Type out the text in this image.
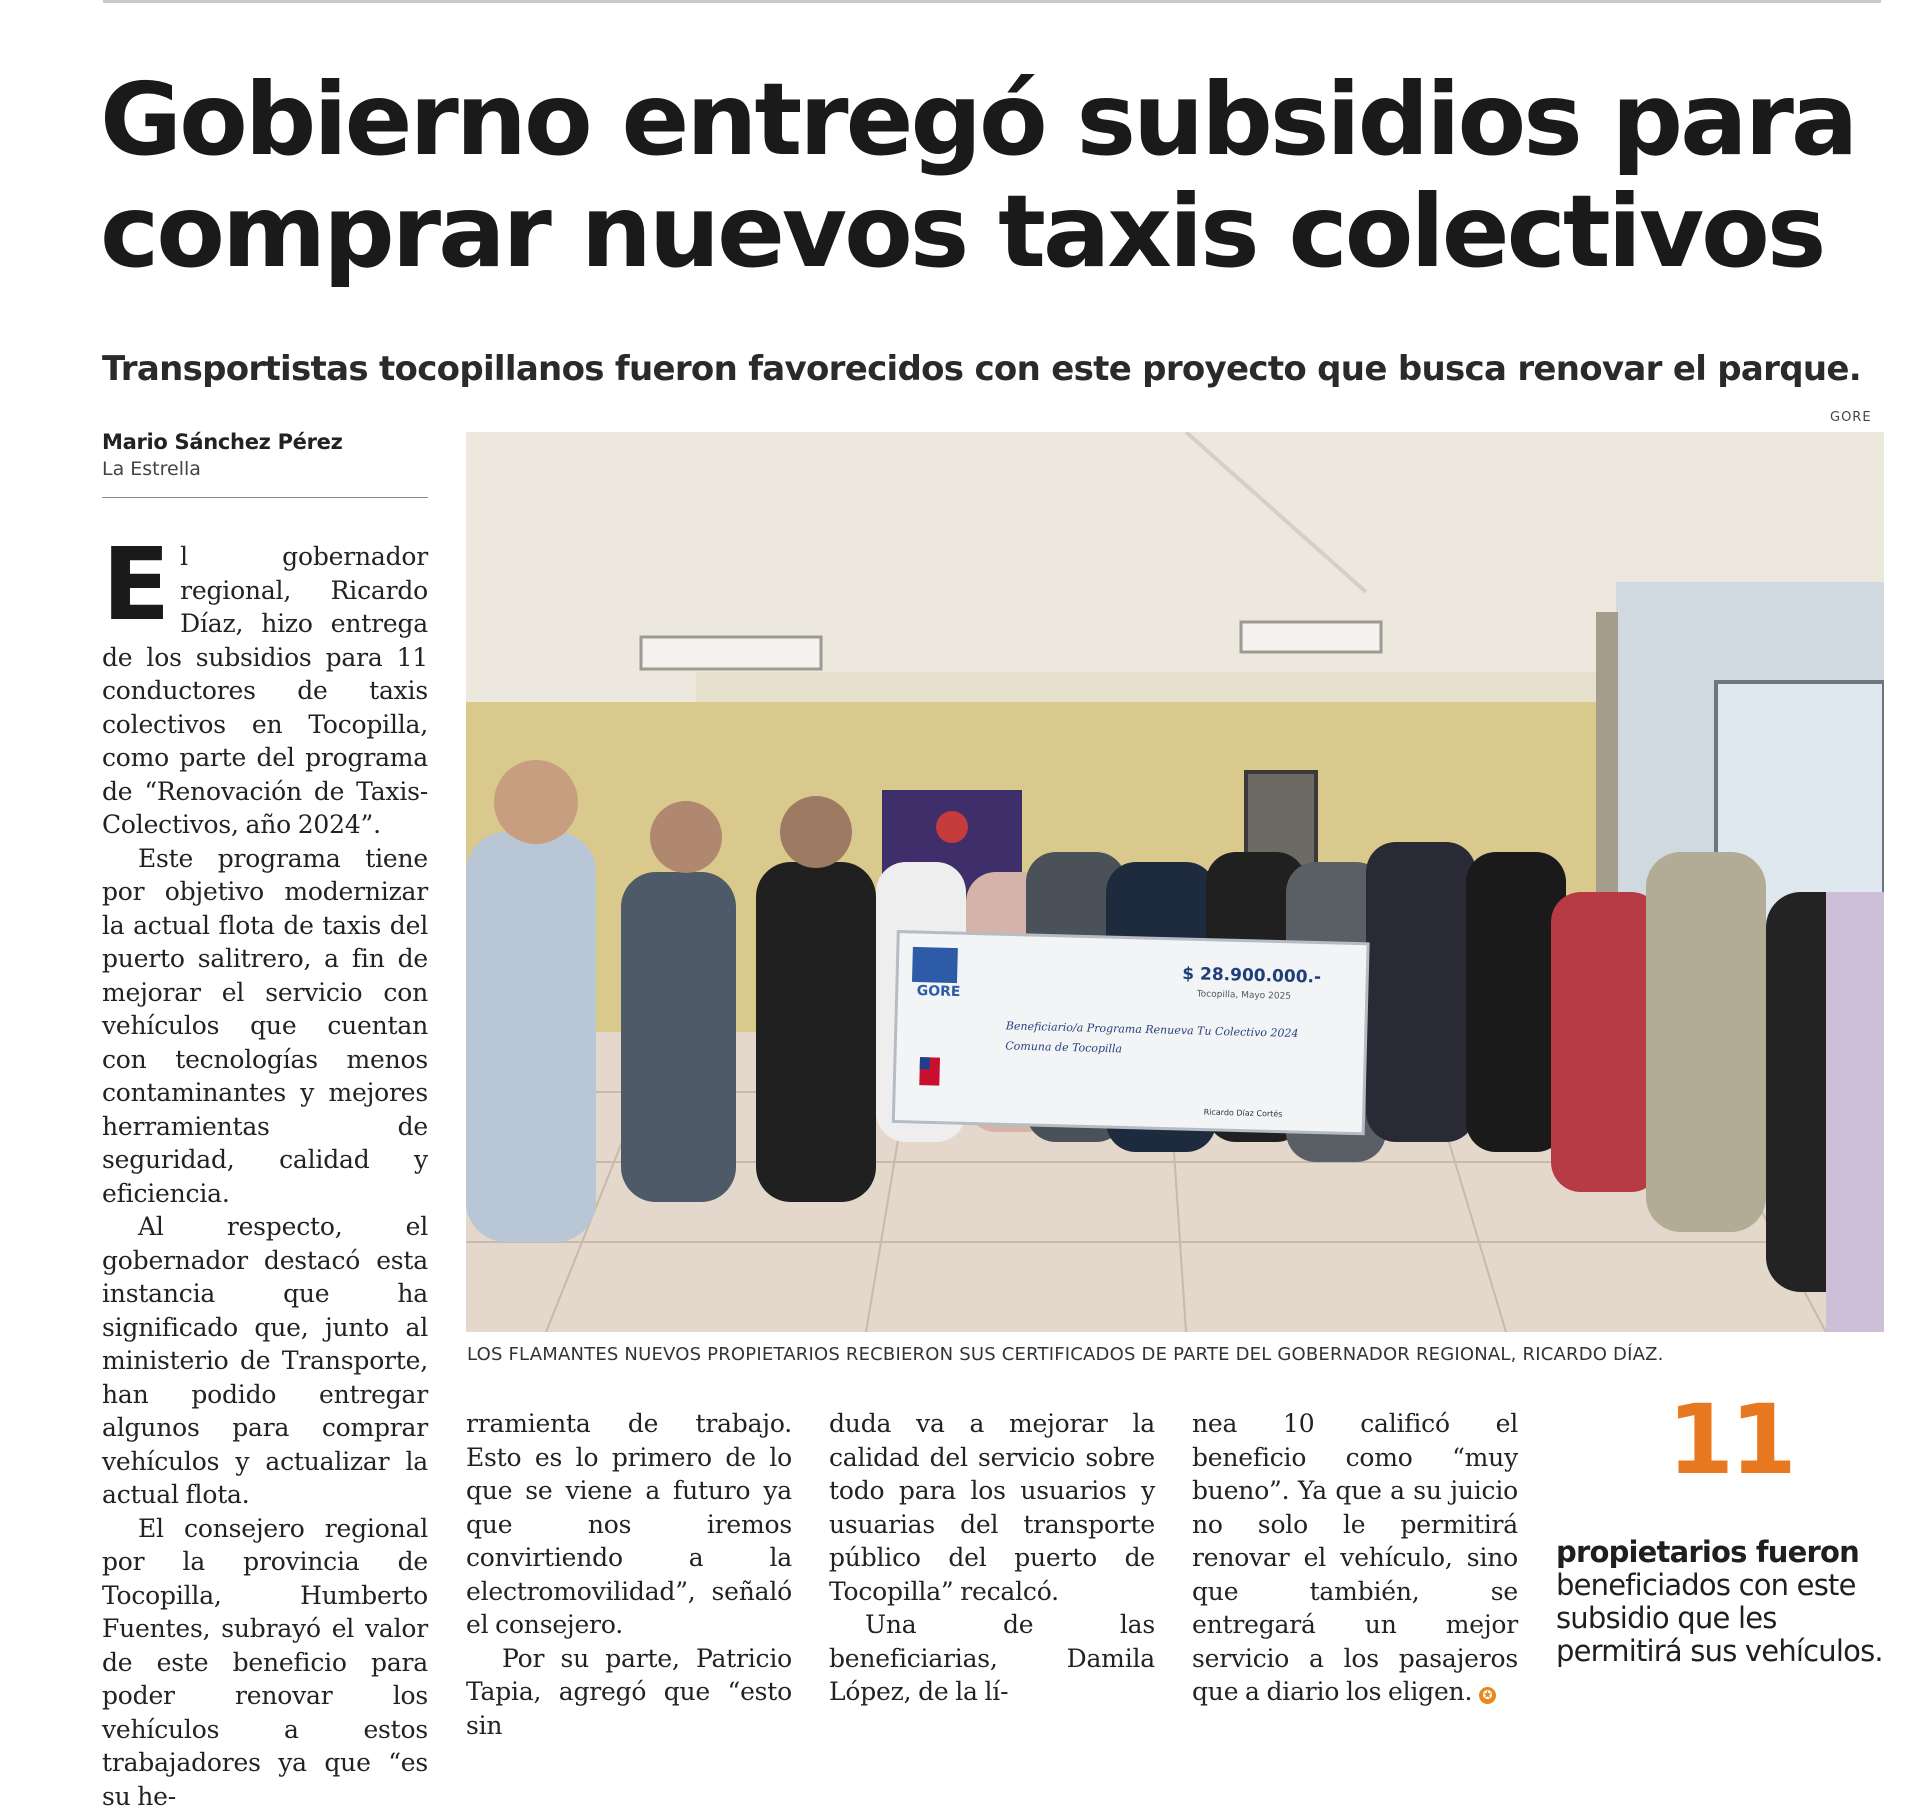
Gobierno entregó subsidios para
comprar nuevos taxis colectivos

Transportistas tocopillanos fueron favorecidos con este proyecto que busca renovar el parque.

Mario Sánchez Pérez
La Estrella
GORE
GORE
$ 28.900.000.-
Tocopilla, Mayo 2025
Beneficiario/a Programa Renueva Tu Colectivo 2024
Comuna de Tocopilla
Ricardo Díaz Cortés
LOS FLAMANTES NUEVOS PROPIETARIOS RECBIERON SUS CERTIFICADOS DE PARTE DEL GOBERNADOR REGIONAL, RICARDO DÍAZ.

El gobernador regional, Ricardo Díaz, hizo entrega de los subsidios para 11 conductores de taxis colectivos en Tocopilla, como parte del programa de “Renovación de Taxis-Colectivos, año 2024”.

Este programa tiene por objetivo modernizar la actual flota de taxis del puerto salitrero, a fin de mejorar el servicio con vehículos que cuentan con tecnologías menos contaminantes y mejores herramientas de seguridad, calidad y eficiencia.

Al respecto, el gobernador destacó esta instancia que ha significado que, junto al ministerio de Transporte, han podido entregar algunos para comprar vehículos y actualizar la actual flota.

El consejero regional por la provincia de Tocopilla, Humberto Fuentes, subrayó el valor de este beneficio para poder renovar los vehículos a estos trabajadores ya que “es su he-

rramienta de trabajo. Esto es lo primero de lo que se viene a futuro ya que nos iremos convirtiendo a la electromovilidad”, señaló el consejero.

Por su parte, Patricio Tapia, agregó que “esto sin

duda va a mejorar la calidad del servicio sobre todo para los usuarios y usuarias del transporte público del puerto de Tocopilla” recalcó.

Una de las beneficiarias, Damila López, de la lí-

nea 10 calificó el beneficio como “muy bueno”. Ya que a su juicio no solo le permitirá renovar el vehículo, sino que también, se entregará un mejor servicio a los pasajeros que a diario los eligen. ✪

11
propietarios fueron beneficiados con este subsidio que les permitirá sus vehículos.
